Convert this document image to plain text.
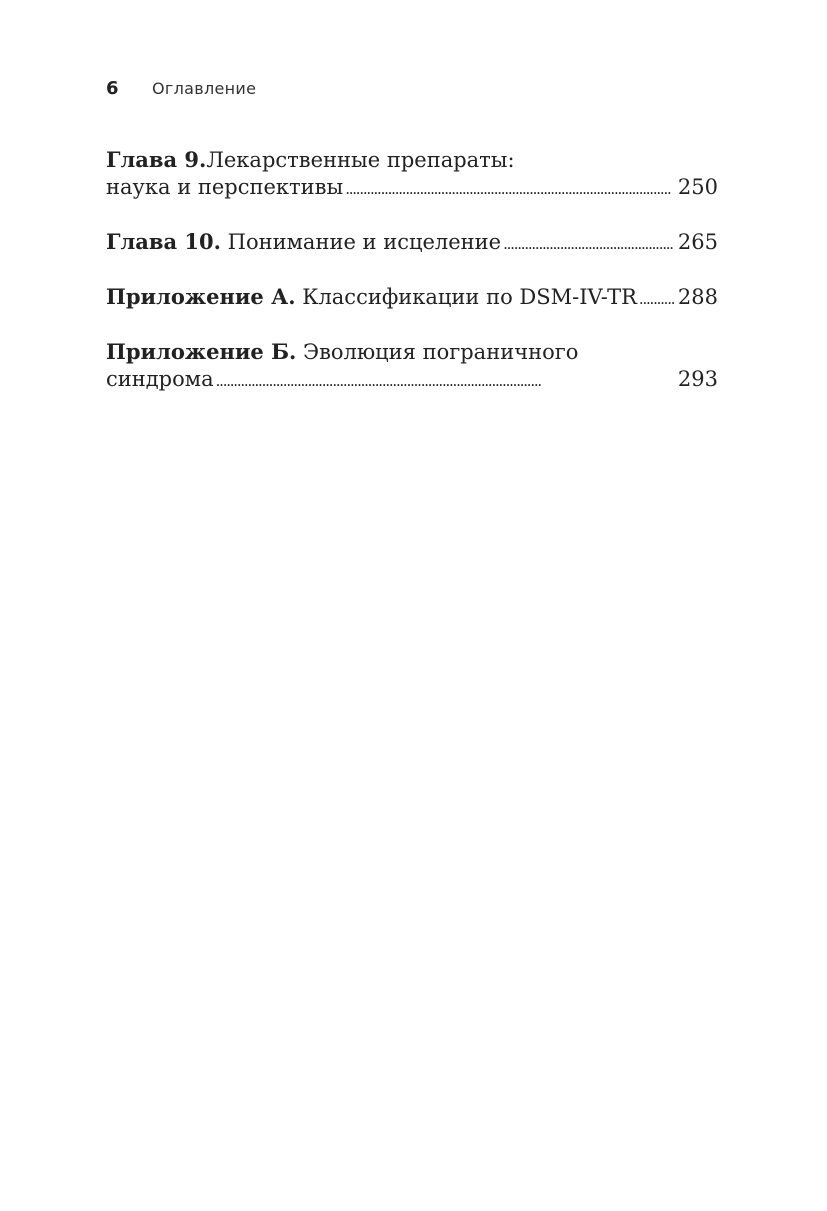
6	Оглавление
Глава 9. Лекарственные препараты:
наука и перспективы . . .	250
Глава 10. Понимание и исцеление . . .	265
Приложение А. Классификации по DSM-IV-TR . . . 288
Приложение Б. Эволюция пограничного
синдрома . . .	293
